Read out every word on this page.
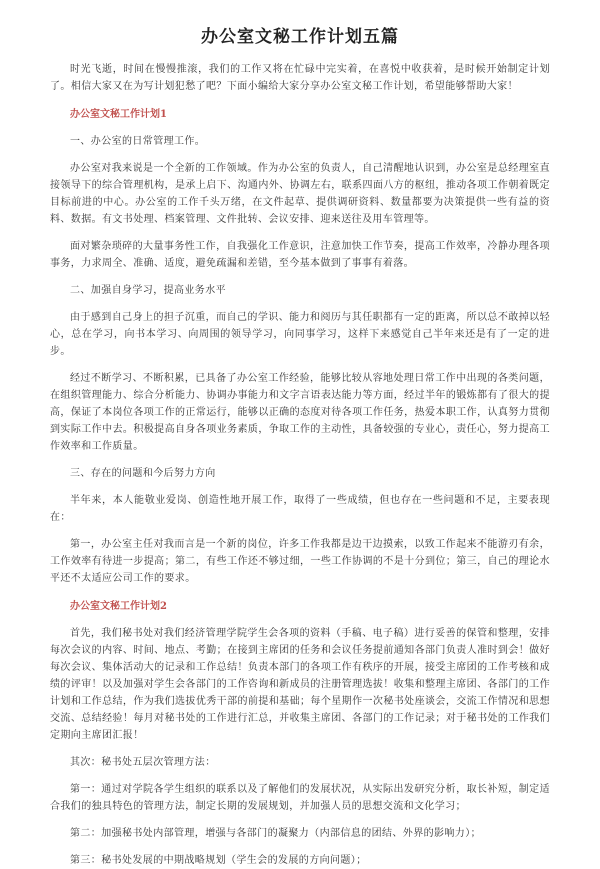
办公室文秘工作计划五篇

时光飞逝，时间在慢慢推滚，我们的工作又将在忙碌中完实着，在喜悦中收获着，是时候开始制定计划了。相信大家又在为写计划犯愁了吧？下面小编给大家分享办公室文秘工作计划，希望能够帮助大家！

办公室文秘工作计划1

一、办公室的日常管理工作。

办公室对我来说是一个全新的工作领域。作为办公室的负责人，自己清醒地认识到，办公室是总经理室直接领导下的综合管理机构，是承上启下、沟通内外、协调左右，联系四面八方的枢纽，推动各项工作朝着既定目标前进的中心。办公室的工作千头万绪，在文件起草、提供调研资料、数量都要为决策提供一些有益的资料、数据。有文书处理、档案管理、文件批转、会议安排、迎来送往及用车管理等。

面对繁杂琐碎的大量事务性工作，自我强化工作意识，注意加快工作节奏，提高工作效率，冷静办理各项事务，力求周全、准确、适度，避免疏漏和差错，至今基本做到了事事有着落。

二、加强自身学习，提高业务水平

由于感到自己身上的担子沉重，而自己的学识、能力和阅历与其任职都有一定的距离，所以总不敢掉以轻心，总在学习，向书本学习、向周围的领导学习，向同事学习，这样下来感觉自己半年来还是有了一定的进步。

经过不断学习、不断积累，已具备了办公室工作经验，能够比较从容地处理日常工作中出现的各类问题，在组织管理能力、综合分析能力、协调办事能力和文字言语表达能力等方面，经过半年的锻炼都有了很大的提高，保证了本岗位各项工作的正常运行，能够以正确的态度对待各项工作任务，热爱本职工作，认真努力贯彻到实际工作中去。积极提高自身各项业务素质，争取工作的主动性，具备较强的专业心，责任心，努力提高工作效率和工作质量。

三、存在的问题和今后努力方向

半年来，本人能敬业爱岗、创造性地开展工作，取得了一些成绩，但也存在一些问题和不足，主要表现在：

第一，办公室主任对我而言是一个新的岗位，许多工作我都是边干边摸索，以致工作起来不能游刃有余，工作效率有待进一步提高；第二，有些工作还不够过细，一些工作协调的不是十分到位；第三，自己的理论水平还不太适应公司工作的要求。

办公室文秘工作计划2

首先，我们秘书处对我们经济管理学院学生会各项的资料（手稿、电子稿）进行妥善的保管和整理，安排每次会议的内容、时间、地点、考勤；在接到主席团的任务和会议任务提前通知各部门负责人准时到会！做好每次会议、集体活动大的记录和工作总结！负责本部门的各项工作有秩序的开展，接受主席团的工作考核和成绩的评审！以及加强对学生会各部门的工作咨询和新成员的注册管理选拔！收集和整理主席团、各部门的工作计划和工作总结，作为我们选拔优秀干部的前提和基础；每个星期作一次秘书处座谈会，交流工作情况和思想交流、总结经验！每月对秘书处的工作进行汇总，并收集主席团、各部门的工作记录；对于秘书处的工作我们定期向主席团汇报！

其次：秘书处五层次管理方法：

第一：通过对学院各学生组织的联系以及了解他们的发展状况，从实际出发研究分析，取长补短，制定适合我们的独具特色的管理方法，制定长期的发展规划，并加强人员的思想交流和文化学习；

第二：加强秘书处内部管理，增强与各部门的凝聚力（内部信息的团结、外界的影响力）；

第三：秘书处发展的中期战略规划（学生会的发展的方向问题）；
